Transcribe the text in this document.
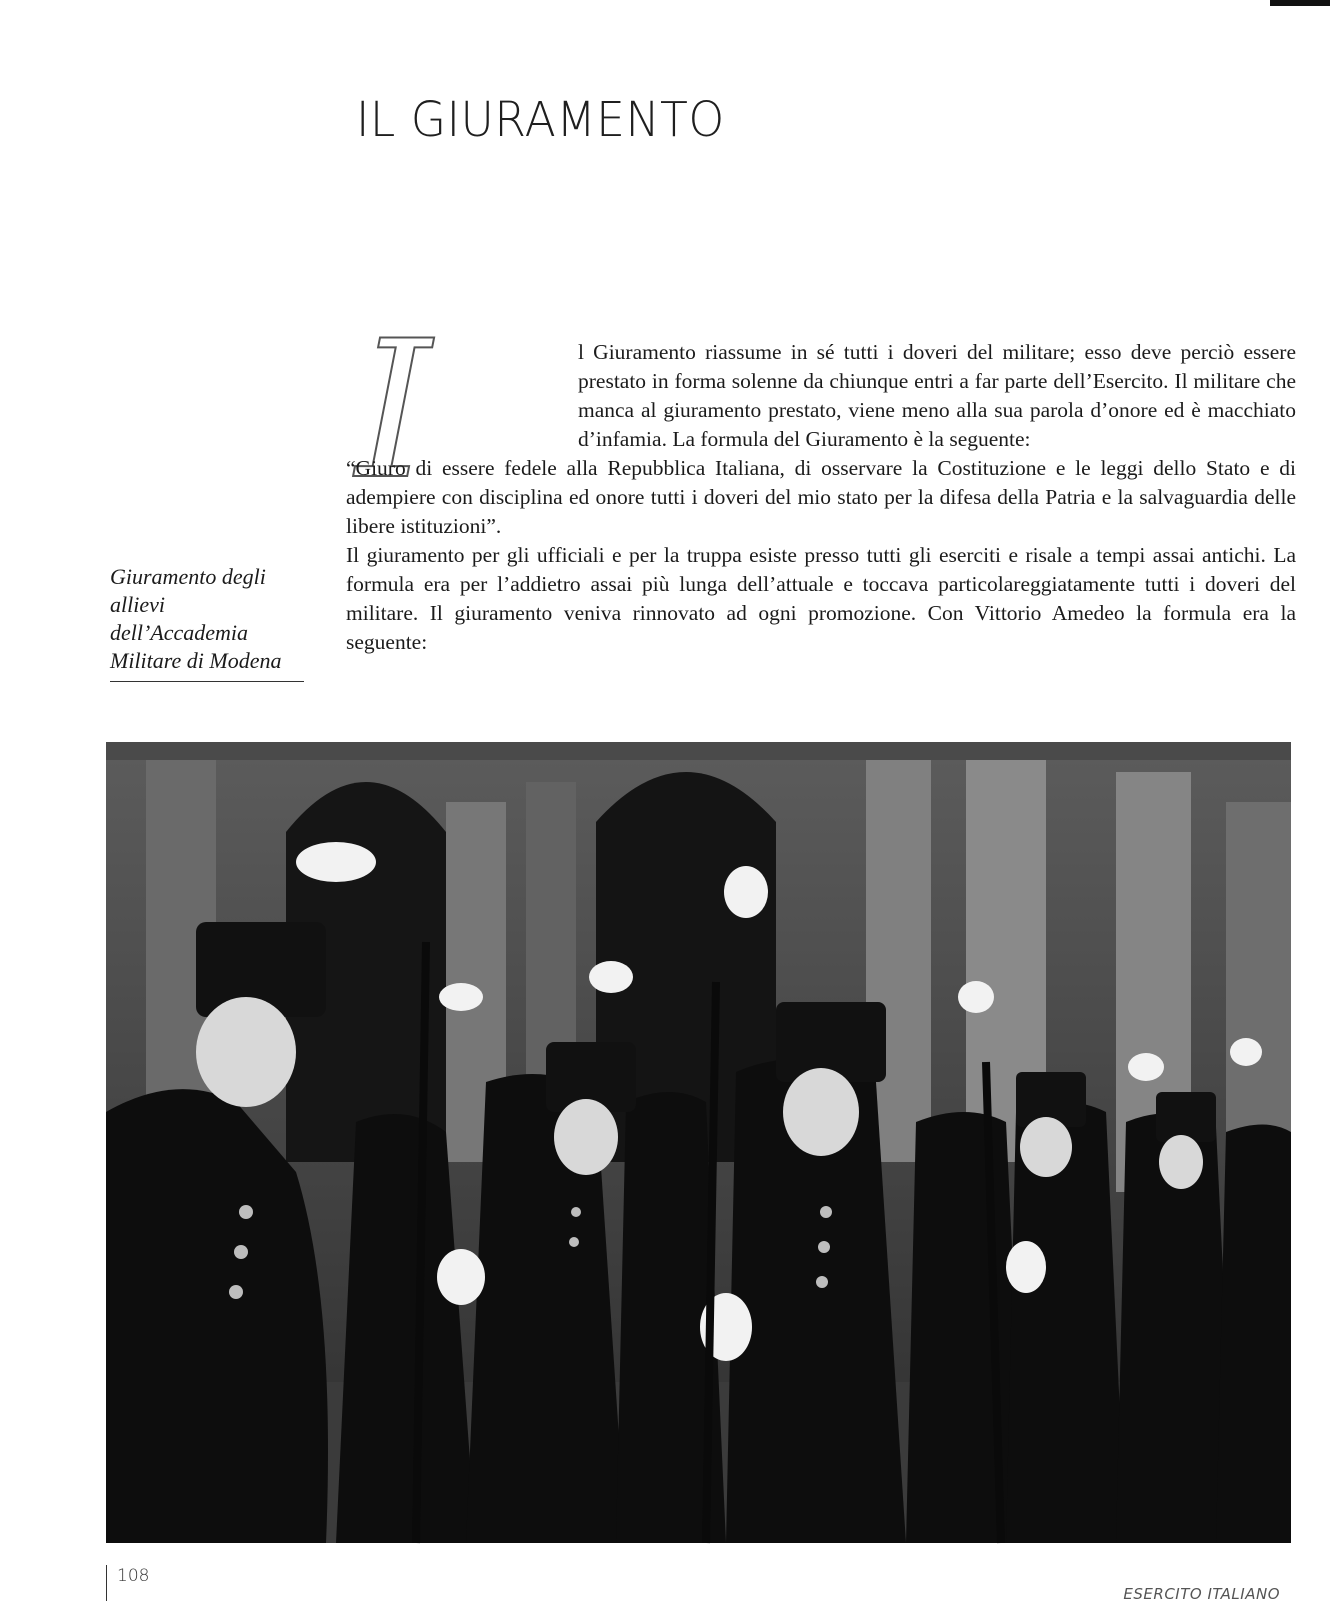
IL GIURAMENTO
I	l Giuramento riassume in sé tutti i doveri del militare; esso deve perciò essere prestato in forma solenne da chiunque entri a far parte dell’Esercito. Il militare che manca al giuramento prestato, viene meno alla sua parola d’onore ed è macchiato d’infamia. La formula del Giuramento è la seguente:

“Giuro di essere fedele alla Repubblica Italiana, di osservare la Costituzione e le leggi dello Stato e di adempiere con disciplina ed onore tutti i doveri del mio stato per la difesa della Patria e la salvaguardia delle libere istituzioni”.

Il giuramento per gli ufficiali e per la truppa esiste presso tutti gli eserciti e risale a tempi assai antichi. La formula era per l’addietro assai più lunga dell’attuale e toccava particolareggiatamente tutti i doveri del militare. Il giuramento veniva rinnovato ad ogni promozione. Con Vittorio Amedeo la formula era la seguente:

Giuramento degli allievi dell’Accademia Militare di Modena

108
ESERCITO ITALIANO
